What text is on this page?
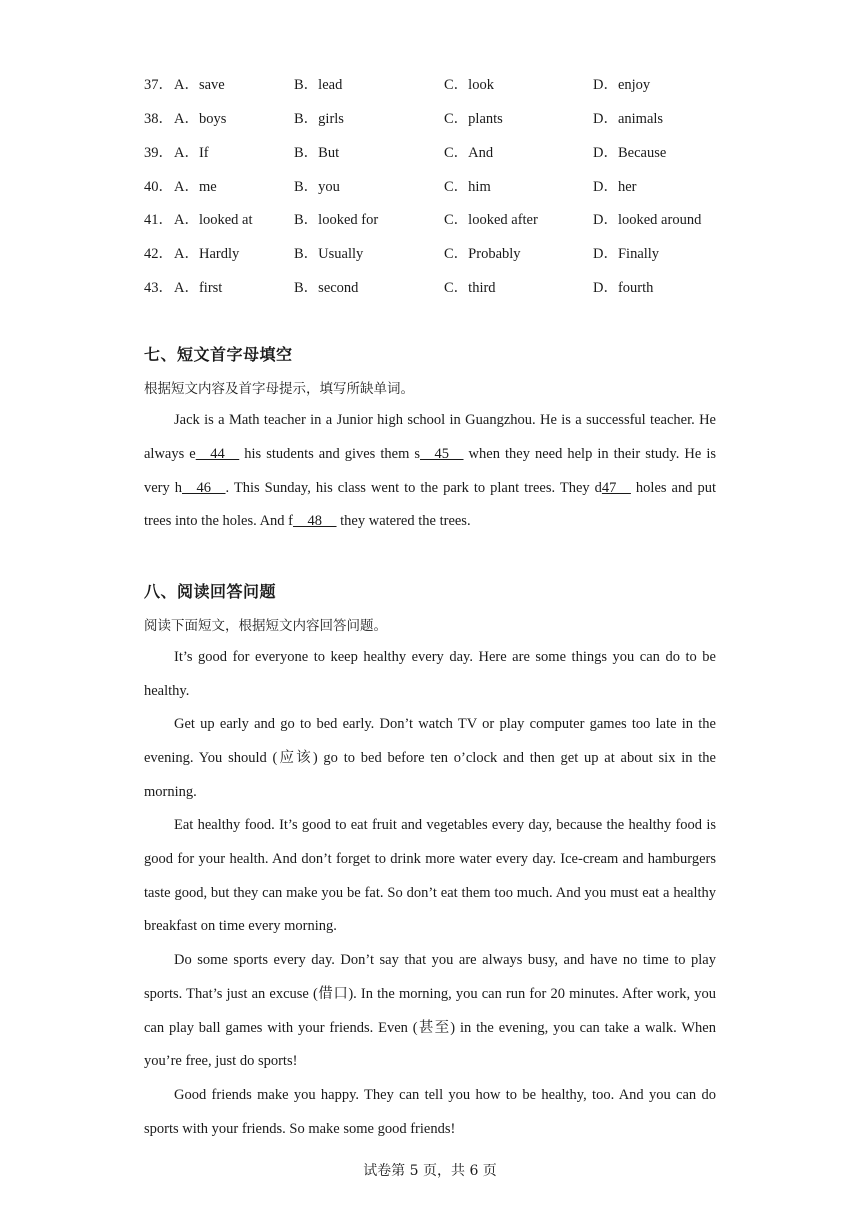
37． A．save	B．lead	C．look	D．enjoy
38． A．boys	B．girls	C．plants	D．animals
39． A．If	B．But	C．And	D．Because
40． A．me	B．you	C．him	D．her
41． A．looked at	B．looked for	C．looked after	D．looked around
42． A．Hardly	B．Usually	C．Probably	D．Finally
43． A．first	B．second	C．third	D．fourth
七、短文首字母填空
根据短文内容及首字母提示，填写所缺单词。
Jack is a Math teacher in a Junior high school in Guangzhou. He is a successful teacher. He always e    44     his students and gives them s    45     when they need help in their study. He is very h    46    . This Sunday, his class went to the park to plant trees. They d47     holes and put trees into the holes. And f    48     they watered the trees.
八、阅读回答问题
阅读下面短文，根据短文内容回答问题。
It’s good for everyone to keep healthy every day. Here are some things you can do to be healthy.
Get up early and go to bed early. Don’t watch TV or play computer games too late in the evening. You should (应该) go to bed before ten o’clock and then get up at about six in the morning.
Eat healthy food. It’s good to eat fruit and vegetables every day, because the healthy food is good for your health. And don’t forget to drink more water every day. Ice-cream and hamburgers taste good, but they can make you be fat. So don’t eat them too much. And you must eat a healthy breakfast on time every morning.
Do some sports every day. Don’t say that you are always busy, and have no time to play sports. That’s just an excuse (借口). In the morning, you can run for 20 minutes. After work, you can play ball games with your friends. Even (甚至) in the evening, you can take a walk. When you’re free, just do sports!
Good friends make you happy. They can tell you how to be healthy, too. And you can do sports with your friends. So make some good friends!
试卷第 5 页，共 6 页
